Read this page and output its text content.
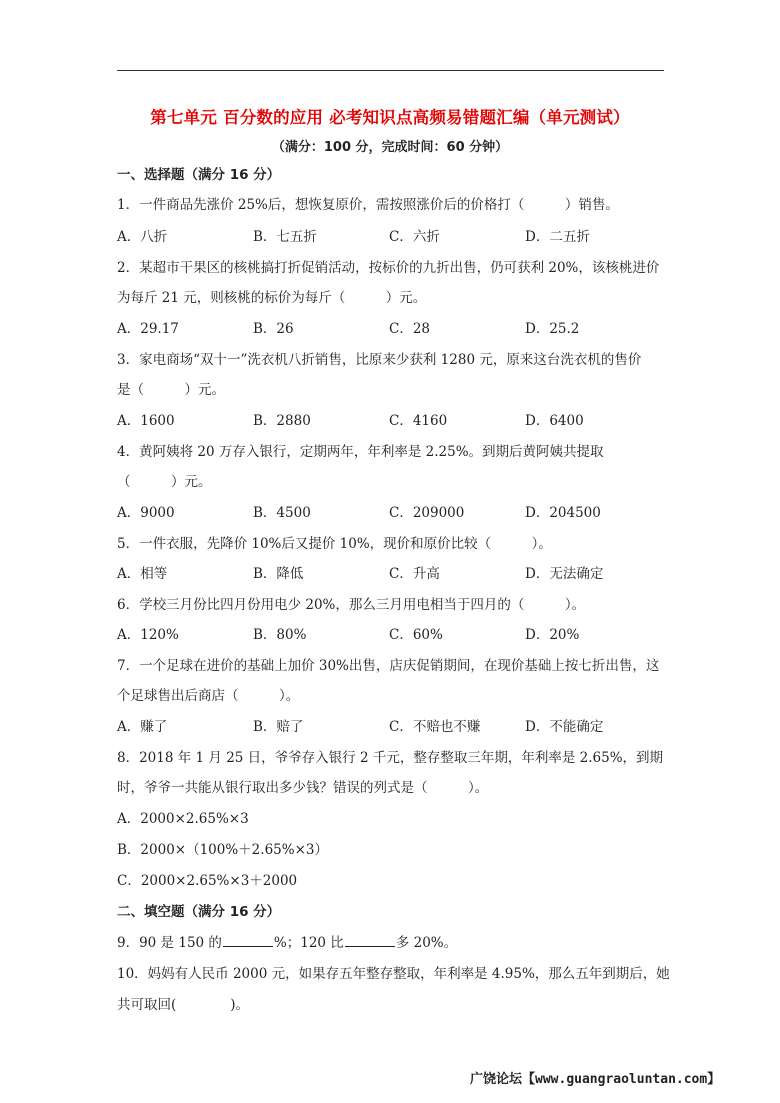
第七单元 百分数的应用 必考知识点高频易错题汇编（单元测试）
（满分：100 分，完成时间：60 分钟）
一、选择题（满分 16 分）
1．一件商品先涨价 25%后，想恢复原价，需按照涨价后的价格打（　　　）销售。
A．八折	B．七五折	C．六折	D．二五折
2．某超市干果区的核桃搞打折促销活动，按标价的九折出售，仍可获利 20%，该核桃进价
为每斤 21 元，则核桃的标价为每斤（　　　）元。
A．29.17	B．26	C．28	D．25.2
3．家电商场“双十一”洗衣机八折销售，比原来少获利 1280 元，原来这台洗衣机的售价
是（　　　）元。
A．1600	B．2880	C．4160	D．6400
4．黄阿姨将 20 万存入银行，定期两年，年利率是 2.25%。到期后黄阿姨共提取
（　　　）元。
A．9000	B．4500	C．209000	D．204500
5．一件衣服，先降价 10%后又提价 10%，现价和原价比较（　　　）。
A．相等	B．降低	C．升高	D．无法确定
6．学校三月份比四月份用电少 20%，那么三月用电相当于四月的（　　　）。
A．120%	B．80%	C．60%	D．20%
7．一个足球在进价的基础上加价 30%出售，店庆促销期间，在现价基础上按七折出售，这
个足球售出后商店（　　　）。
A．赚了	B．赔了	C．不赔也不赚	D．不能确定
8．2018 年 1 月 25 日，爷爷存入银行 2 千元，整存整取三年期，年利率是 2.65%，到期
时，爷爷一共能从银行取出多少钱？错误的列式是（　　　）。
A．2000×2.65%×3
B．2000×（100%＋2.65%×3）
C．2000×2.65%×3＋2000
二、填空题（满分 16 分）
9．90 是 150 的	%；120 比	多 20%。
10．妈妈有人民币 2000 元，如果存五年整存整取，年利率是 4.95%，那么五年到期后，她
共可取回(　　　　)。
广饶论坛【www.guangraoluntan.com】
